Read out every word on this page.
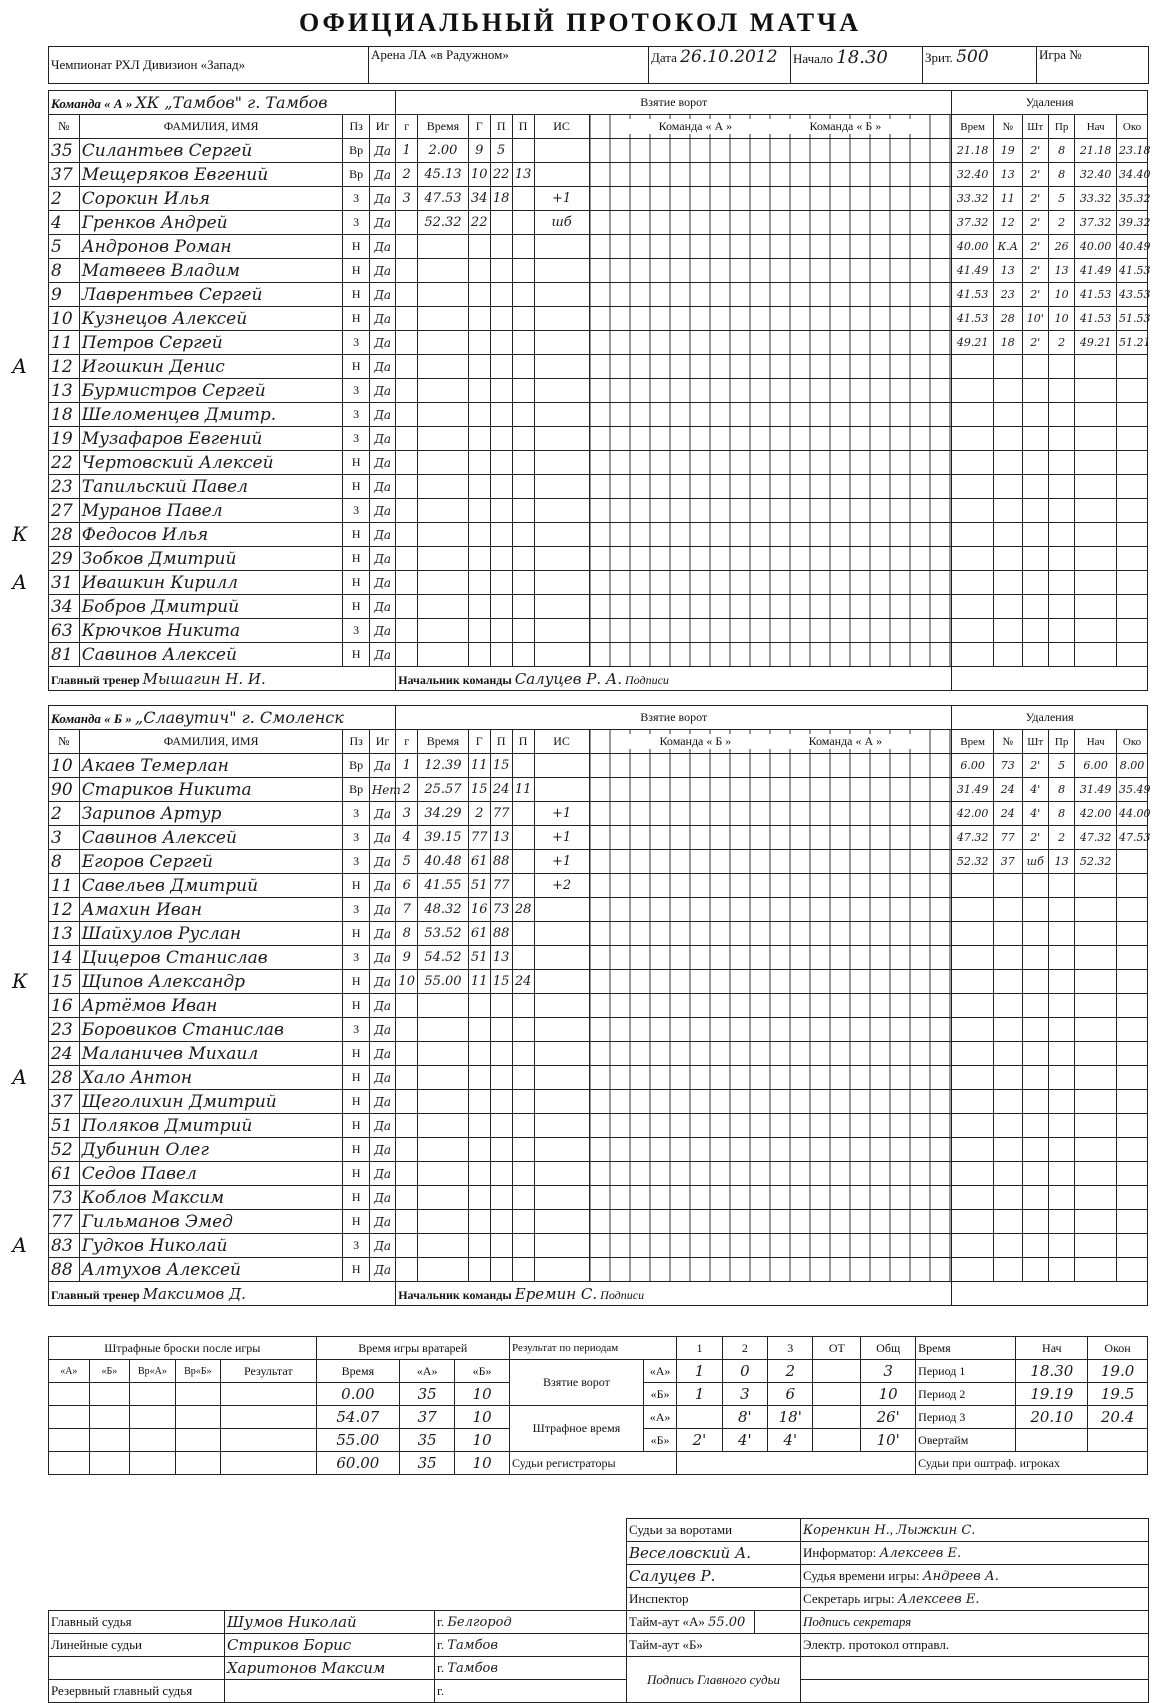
ОФИЦИАЛЬНЫЙ ПРОТОКОЛ МАТЧА
Чемпионат РХЛ Дивизион «Запад»	Арена ЛА «в Радужном»	Дата 26.10.2012	Начало 18.30	Зрит. 500	Игра №
Команда « А » ХК „Тамбов" г. Тамбов				Взятие ворот							Удаления					
№	ФАМИЛИЯ, ИМЯ	Пз	Иг	г	Время	Г	П	П	ИС	Команда « А » Команда « Б »	Врем	№	Шт	Пр	Нач	Око
35	Силантьев Сергей	Вр	Да	1	2.00	9	5				21.18	19	2'	8	21.18	23.18
37	Мещеряков Евгений	Вр	Да	2	45.13	10	22	13			32.40	13	2'	8	32.40	34.40
2	Сорокин Илья	3	Да	3	47.53	34	18		+1		33.32	11	2'	5	33.32	35.32
4	Гренков Андрей	3	Да		52.32	22			шб		37.32	12	2'	2	37.32	39.32
5	Андронов Роман	Н	Да								40.00	К.А	2'	26	40.00	40.49
8	Матвеев Владим	Н	Да								41.49	13	2'	13	41.49	41.53
9	Лаврентьев Сергей	Н	Да								41.53	23	2'	10	41.53	43.53
10	Кузнецов Алексей	Н	Да								41.53	28	10'	10	41.53	51.53
11	Петров Сергей	3	Да								49.21	18	2'	2	49.21	51.21
12	Игошкин Денис	Н	Да													
13	Бурмистров Сергей	3	Да													
18	Шеломенцев Дмитр.	3	Да													
19	Музафаров Евгений	3	Да													
22	Чертовский Алексей	Н	Да													
23	Тапильский Павел	Н	Да													
27	Муранов Павел	3	Да													
28	Федосов Илья	Н	Да													
29	Зобков Дмитрий	Н	Да													
31	Ивашкин Кирилл	Н	Да													
34	Бобров Дмитрий	Н	Да													
63	Крючков Никита	3	Да													
81	Савинов Алексей	Н	Да													
Главный тренер Мышагин Н. И.				Начальник команды Салуцев Р. А. Подписи												
Команда « Б » „Славутич" г. Смоленск				Взятие ворот							Удаления					
№	ФАМИЛИЯ, ИМЯ	Пз	Иг	г	Время	Г	П	П	ИС	Команда « Б » Команда « А »	Врем	№	Шт	Пр	Нач	Око
10	Акаев Темерлан	Вр	Да	1	12.39	11	15				6.00	73	2'	5	6.00	8.00
90	Стариков Никита	Вр	Нет	2	25.57	15	24	11			31.49	24	4'	8	31.49	35.49
2	Зарипов Артур	3	Да	3	34.29	2	77		+1		42.00	24	4'	8	42.00	44.00
3	Савинов Алексей	3	Да	4	39.15	77	13		+1		47.32	77	2'	2	47.32	47.53
8	Егоров Сергей	3	Да	5	40.48	61	88		+1		52.32	37	шб	13	52.32	
11	Савельев Дмитрий	Н	Да	6	41.55	51	77		+2							
12	Амахин Иван	3	Да	7	48.32	16	73	28								
13	Шайхулов Руслан	Н	Да	8	53.52	61	88									
14	Цицеров Станислав	3	Да	9	54.52	51	13									
15	Щипов Александр	Н	Да	10	55.00	11	15	24								
16	Артёмов Иван	Н	Да													
23	Боровиков Станислав	3	Да													
24	Маланичев Михаил	Н	Да													
28	Хало Антон	Н	Да													
37	Щеголихин Дмитрий	Н	Да													
51	Поляков Дмитрий	Н	Да													
52	Дубинин Олег	Н	Да													
61	Седов Павел	Н	Да													
73	Коблов Максим	Н	Да													
77	Гильманов Эмед	Н	Да													
83	Гудков Николай	3	Да													
88	Алтухов Алексей	Н	Да													
Главный тренер Максимов Д.				Начальник команды Еремин С. Подписи												
А
К
А
К
А
А
Штрафные броски после игры					Время игры вратарей			Результат по периодам		1	2	3	ОТ	Общ	Время	Нач	Окон
«А»	«Б»	Вр«А»	Вр«Б»	Результат	Время	«А»	«Б»	Взятие ворот	«А»	1	0	2		3	Период 1	18.30	19.0
					0.00	35	10		«Б»	1	3	6		10	Период 2	19.19	19.5
					54.07	37	10	Штрафное время	«А»		8'	18'		26'	Период 3	20.10	20.4
					55.00	35	10		«Б»	2'	4'	4'		10'	Овертайм		
					60.00	35	10	Судьи регистраторы							Судьи при оштраф. игроках		
			Судьи за воротами		Коренкин Н., Лыжкин С.
			Веселовский А.		Информатор: Алексеев Е.
			Салуцев Р.		Судья времени игры: Андреев А.
			Инспектор		Секретарь игры: Алексеев Е.
Главный судья	Шумов Николай	г. Белгород	Тайм-аут «А» 55.00		Подпись секретаря
Линейные судьи	Стриков Борис	г. Тамбов	Тайм-аут «Б»		Электр. протокол отправл.
	Харитонов Максим	г. Тамбов	Подпись Главного судьи		
Резервный главный судья		г.			
